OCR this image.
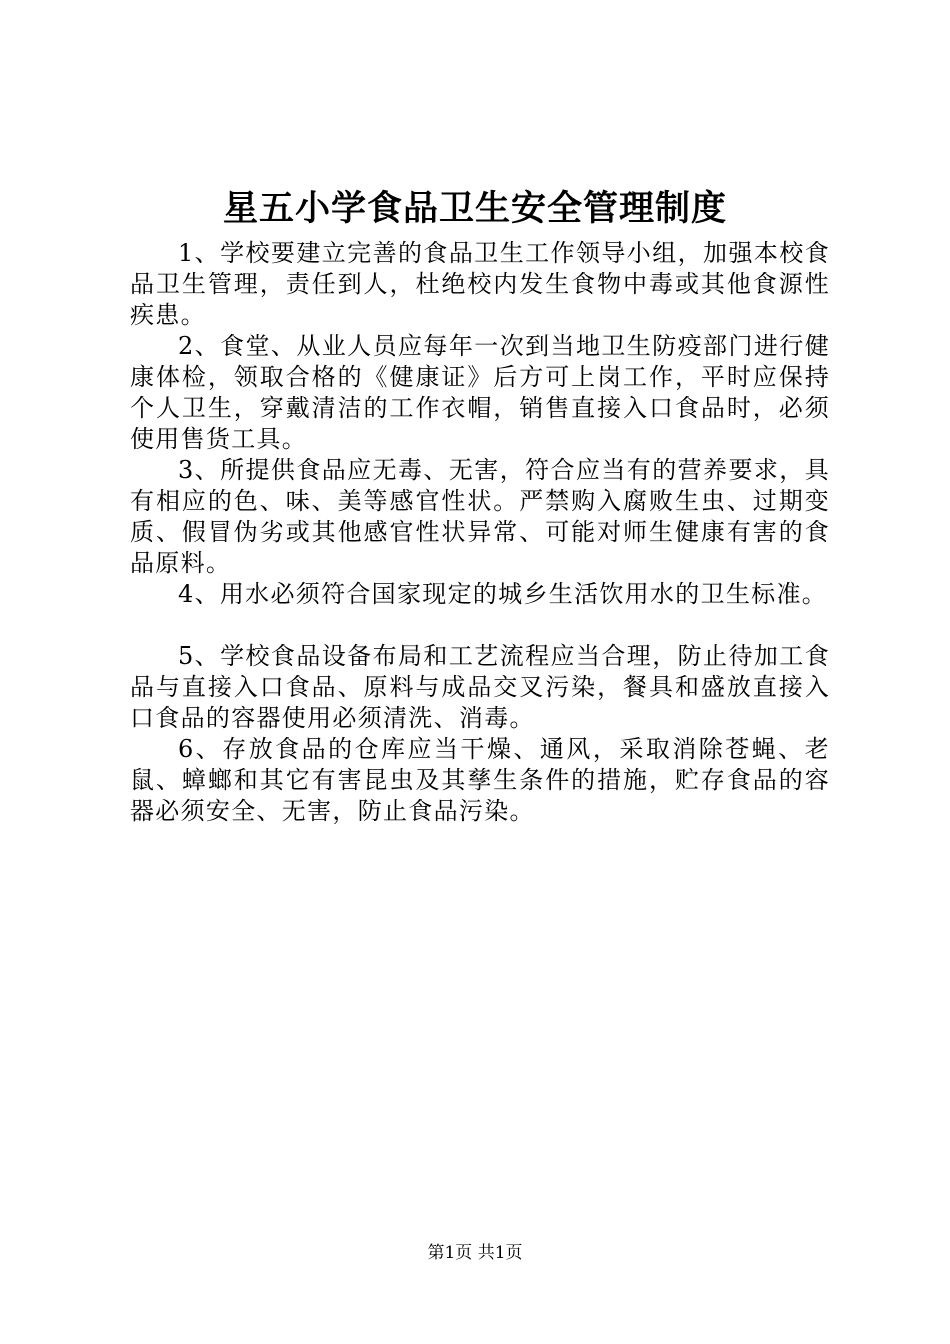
星五小学食品卫生安全管理制度

1、学校要建立完善的食品卫生工作领导小组，加强本校食品卫生管理，责任到人，杜绝校内发生食物中毒或其他食源性疾患。

2、食堂、从业人员应每年一次到当地卫生防疫部门进行健康体检，领取合格的《健康证》后方可上岗工作，平时应保持个人卫生，穿戴清洁的工作衣帽，销售直接入口食品时，必须使用售货工具。

3、所提供食品应无毒、无害，符合应当有的营养要求，具有相应的色、味、美等感官性状。严禁购入腐败生虫、过期变质、假冒伪劣或其他感官性状异常、可能对师生健康有害的食品原料。

4、用水必须符合国家现定的城乡生活饮用水的卫生标准。

5、学校食品设备布局和工艺流程应当合理，防止待加工食品与直接入口食品、原料与成品交叉污染，餐具和盛放直接入口食品的容器使用必须清洗、消毒。

6、存放食品的仓库应当干燥、通风，采取消除苍蝇、老鼠、蟑螂和其它有害昆虫及其孳生条件的措施，贮存食品的容器必须安全、无害，防止食品污染。

第1页 共1页
